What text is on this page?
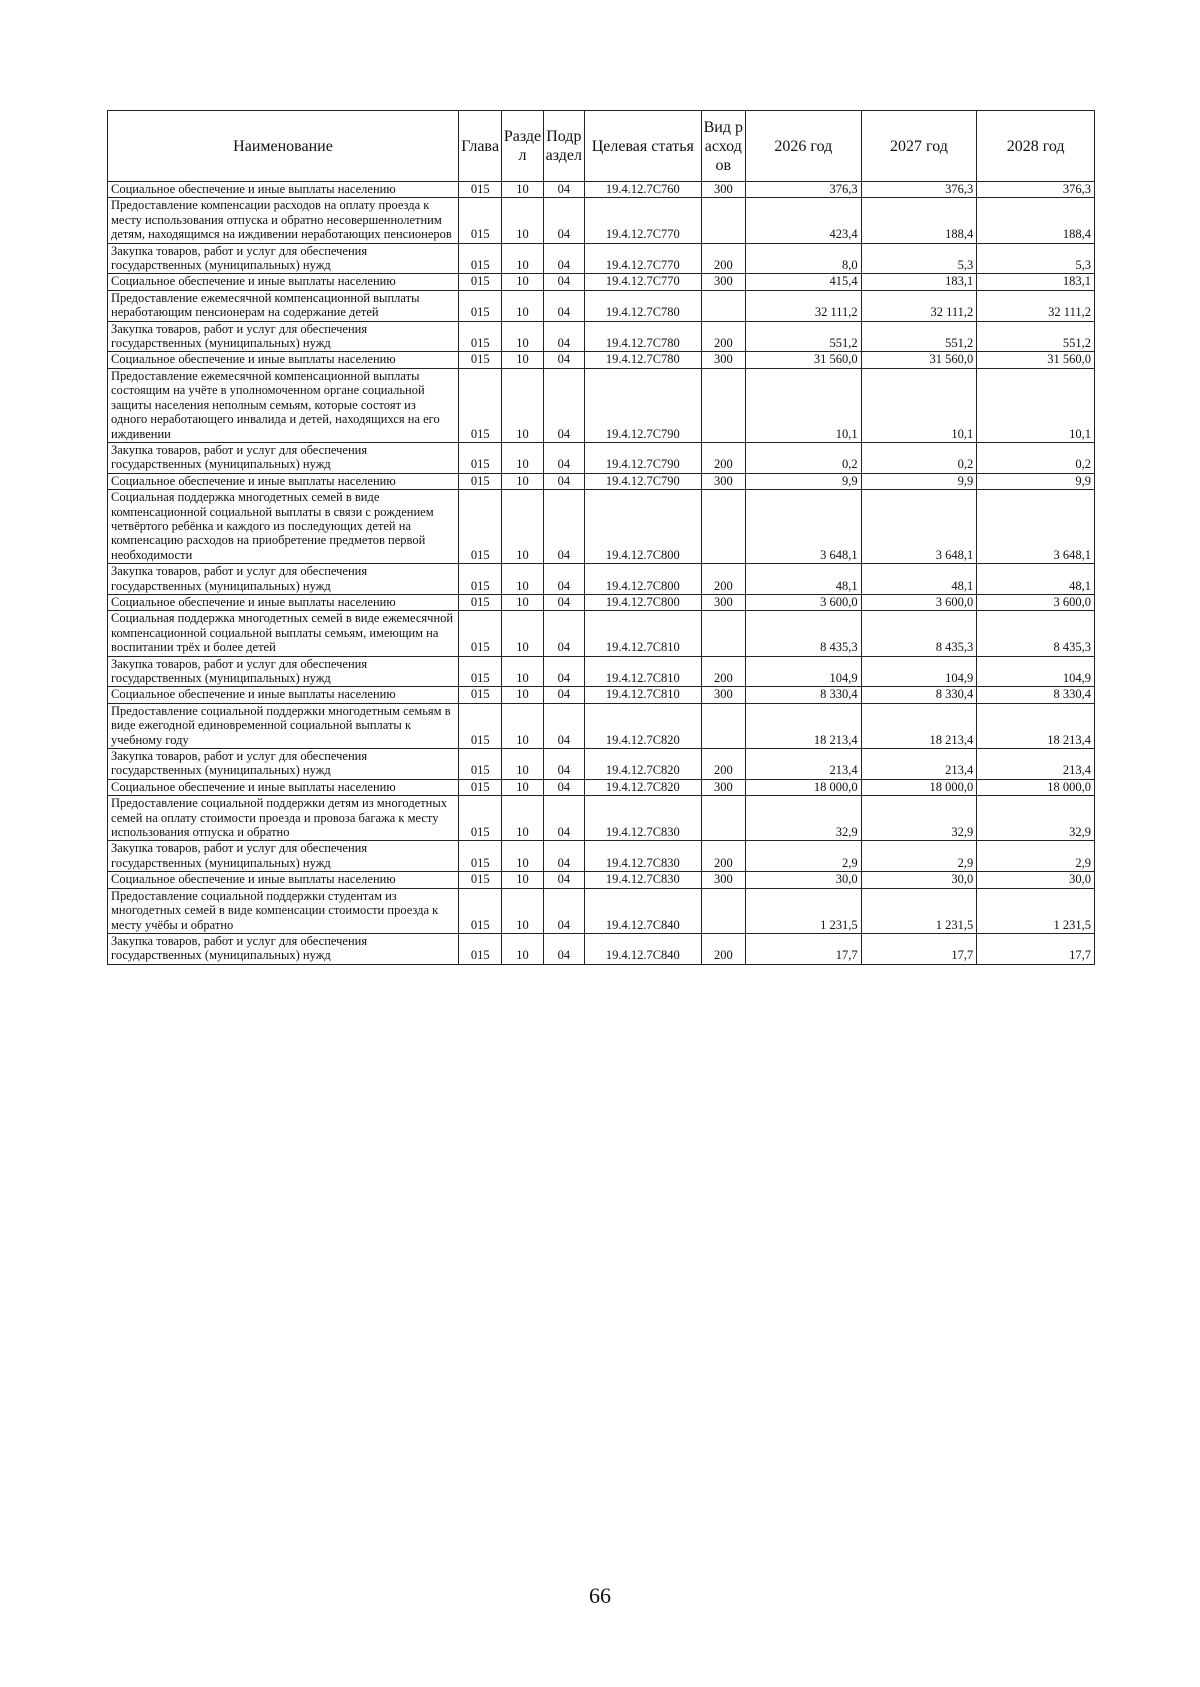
Наименование	Главa	Раздел	Подраздел	Целевая статья	Вид расходов	2026 год	2027 год	2028 год
Социальное обеспечение и иные выплаты населению	015	10	04	19.4.12.7С760	300	376,3	376,3	376,3
Предоставление компенсации расходов на оплату проезда к месту использования отпуска и обратно несовершеннолетним детям, находящимся на иждивении неработающих пенсионеров	015	10	04	19.4.12.7С770		423,4	188,4	188,4
Закупка товаров, работ и услуг для обеспечения государственных (муниципальных) нужд	015	10	04	19.4.12.7С770	200	8,0	5,3	5,3
Социальное обеспечение и иные выплаты населению	015	10	04	19.4.12.7С770	300	415,4	183,1	183,1
Предоставление ежемесячной компенсационной выплаты неработающим пенсионерам на содержание детей	015	10	04	19.4.12.7С780		32 111,2	32 111,2	32 111,2
Закупка товаров, работ и услуг для обеспечения государственных (муниципальных) нужд	015	10	04	19.4.12.7С780	200	551,2	551,2	551,2
Социальное обеспечение и иные выплаты населению	015	10	04	19.4.12.7С780	300	31 560,0	31 560,0	31 560,0
Предоставление ежемесячной компенсационной выплаты состоящим на учёте в уполномоченном органе социальной защиты населения неполным семьям, которые состоят из одного неработающего инвалида и детей, находящихся на его иждивении	015	10	04	19.4.12.7С790		10,1	10,1	10,1
Закупка товаров, работ и услуг для обеспечения государственных (муниципальных) нужд	015	10	04	19.4.12.7С790	200	0,2	0,2	0,2
Социальное обеспечение и иные выплаты населению	015	10	04	19.4.12.7С790	300	9,9	9,9	9,9
Социальная поддержка многодетных семей в виде компенсационной социальной выплаты в связи с рождением четвёртого ребёнка и каждого из последующих детей на компенсацию расходов на приобретение предметов первой необходимости	015	10	04	19.4.12.7С800		3 648,1	3 648,1	3 648,1
Закупка товаров, работ и услуг для обеспечения государственных (муниципальных) нужд	015	10	04	19.4.12.7С800	200	48,1	48,1	48,1
Социальное обеспечение и иные выплаты населению	015	10	04	19.4.12.7С800	300	3 600,0	3 600,0	3 600,0
Социальная поддержка многодетных семей в виде ежемесячной компенсационной социальной выплаты семьям, имеющим на воспитании трёх и более детей	015	10	04	19.4.12.7С810		8 435,3	8 435,3	8 435,3
Закупка товаров, работ и услуг для обеспечения государственных (муниципальных) нужд	015	10	04	19.4.12.7С810	200	104,9	104,9	104,9
Социальное обеспечение и иные выплаты населению	015	10	04	19.4.12.7С810	300	8 330,4	8 330,4	8 330,4
Предоставление социальной поддержки многодетным семьям в виде ежегодной единовременной социальной выплаты к учебному году	015	10	04	19.4.12.7С820		18 213,4	18 213,4	18 213,4
Закупка товаров, работ и услуг для обеспечения государственных (муниципальных) нужд	015	10	04	19.4.12.7С820	200	213,4	213,4	213,4
Социальное обеспечение и иные выплаты населению	015	10	04	19.4.12.7С820	300	18 000,0	18 000,0	18 000,0
Предоставление социальной поддержки детям из многодетных семей на оплату стоимости проезда и провоза багажа к месту использования отпуска и обратно	015	10	04	19.4.12.7С830		32,9	32,9	32,9
Закупка товаров, работ и услуг для обеспечения государственных (муниципальных) нужд	015	10	04	19.4.12.7С830	200	2,9	2,9	2,9
Социальное обеспечение и иные выплаты населению	015	10	04	19.4.12.7С830	300	30,0	30,0	30,0
Предоставление социальной поддержки студентам из многодетных семей в виде компенсации стоимости проезда к месту учёбы и обратно	015	10	04	19.4.12.7С840		1 231,5	1 231,5	1 231,5
Закупка товаров, работ и услуг для обеспечения государственных (муниципальных) нужд	015	10	04	19.4.12.7С840	200	17,7	17,7	17,7
66
